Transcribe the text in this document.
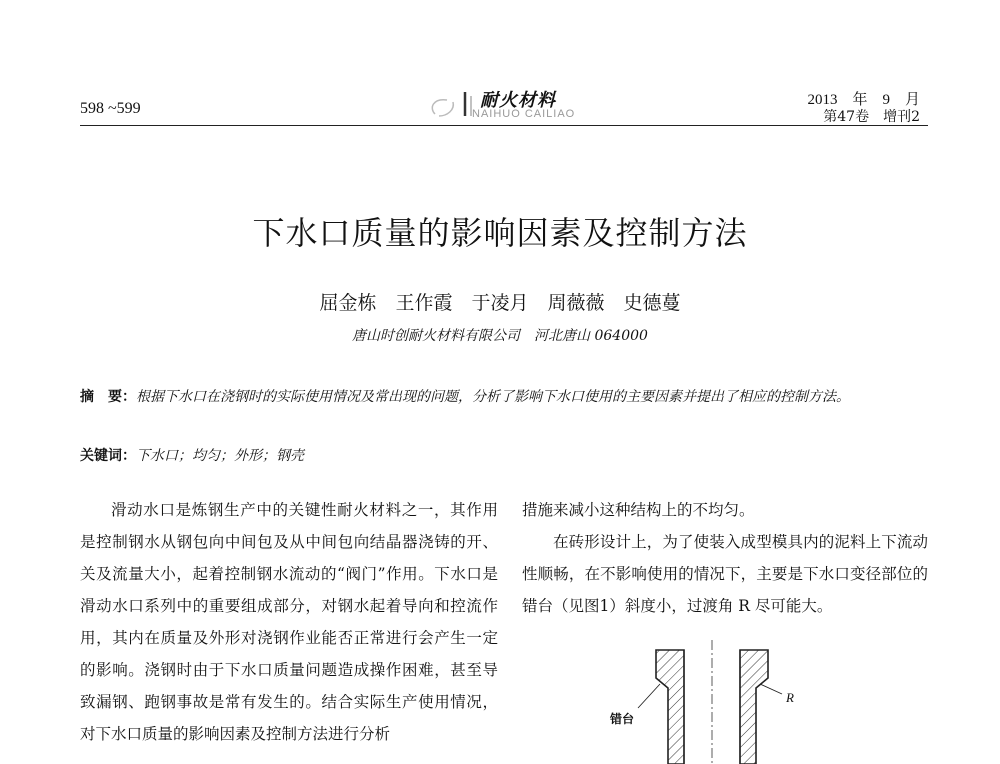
598 ~599	耐火材料
NAIHUO CAILIAO
2013　年　9　月
第47卷　增刊2
下水口质量的影响因素及控制方法
屈金栋　王作霞　于凌月　周薇薇　史德蔓
唐山时创耐火材料有限公司　河北唐山 064000
摘　要：根据下水口在浇钢时的实际使用情况及常出现的问题，分析了影响下水口使用的主要因素并提出了相应的控制方法。
关键词：下水口；均匀；外形；钢壳

滑动水口是炼钢生产中的关键性耐火材料之一，其作用是控制钢水从钢包向中间包及从中间包向结晶器浇铸的开、关及流量大小，起着控制钢水流动的“阀门”作用。下水口是滑动水口系列中的重要组成部分，对钢水起着导向和控流作用，其内在质量及外形对浇钢作业能否正常进行会产生一定的影响。浇钢时由于下水口质量问题造成操作困难，甚至导致漏钢、跑钢事故是常有发生的。结合实际生产使用情况，对下水口质量的影响因素及控制方法进行分析

措施来减小这种结构上的不均匀。

在砖形设计上，为了使装入成型模具内的泥料上下流动性顺畅，在不影响使用的情况下，主要是下水口变径部位的错台（见图1）斜度小，过渡角 R 尽可能大。

错台
R
